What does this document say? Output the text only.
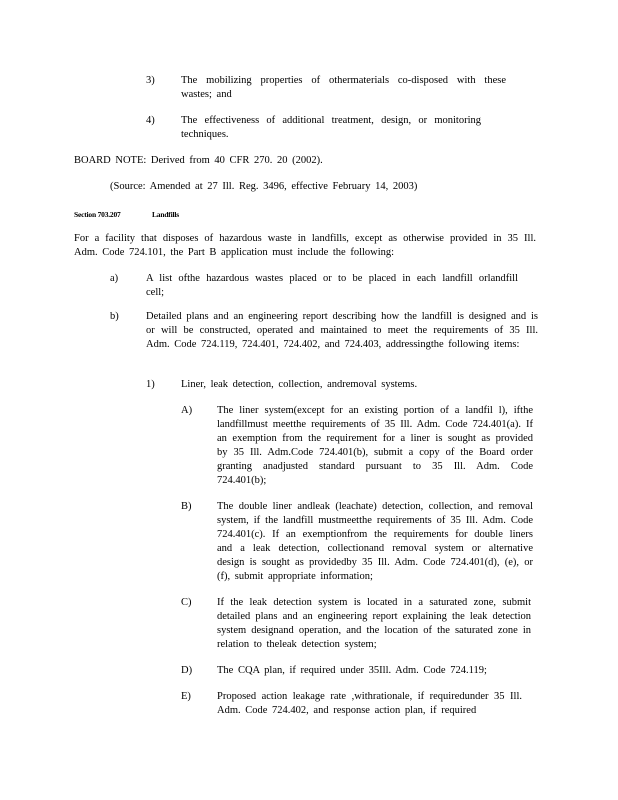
3)	The mobilizing properties of othermaterials co-disposed with these wastes; and
4)	The effectiveness of additional treatment, design, or monitoring techniques.
BOARD NOTE: Derived from 40 CFR 270. 20 (2002).
(Source: Amended at 27 Ill. Reg. 3496, effective February 14, 2003)
Section 703.207	Landfills
For a facility that disposes of hazardous waste in landfills, except as otherwise provided in 35 Ill. Adm. Code 724.101, the Part B application must include the following:
a)	A list ofthe hazardous wastes placed or to be placed in each landfill orlandfill cell;
b)	Detailed plans and an engineering report describing how the landfill is designed and is or will be constructed, operated and maintained to meet the requirements of 35 Ill. Adm. Code 724.119, 724.401, 724.402, and 724.403, addressingthe following items:
1)	Liner, leak detection, collection, andremoval systems.
A) The liner system(except for an existing portion of a landfil l), ifthe landfillmust meetthe requirements of 35 Ill. Adm. Code 724.401(a). If an exemption from the requirement for a liner is sought as provided by 35 Ill. Adm.Code 724.401(b), submit a copy of the Board order granting anadjusted standard pursuant to 35 Ill. Adm. Code 724.401(b);
B) The double liner andleak (leachate) detection, collection, and removal system, if the landfill mustmeetthe requirements of 35 Ill. Adm. Code 724.401(c). If an exemptionfrom the requirements for double liners and a leak detection, collectionand removal system or alternative design is sought as providedby 35 Ill. Adm. Code 724.401(d), (e), or (f), submit appropriate information;
C) If the leak detection system is located in a saturated zone, submit detailed plans and an engineering report explaining the leak detection system designand operation, and the location of the saturated zone in relation to theleak detection system;
D) The CQA plan, if required under 35Ill. Adm. Code 724.119;
E) Proposed action leakage rate ,withrationale, if requiredunder 35 Ill. Adm. Code 724.402, and response action plan, if required
